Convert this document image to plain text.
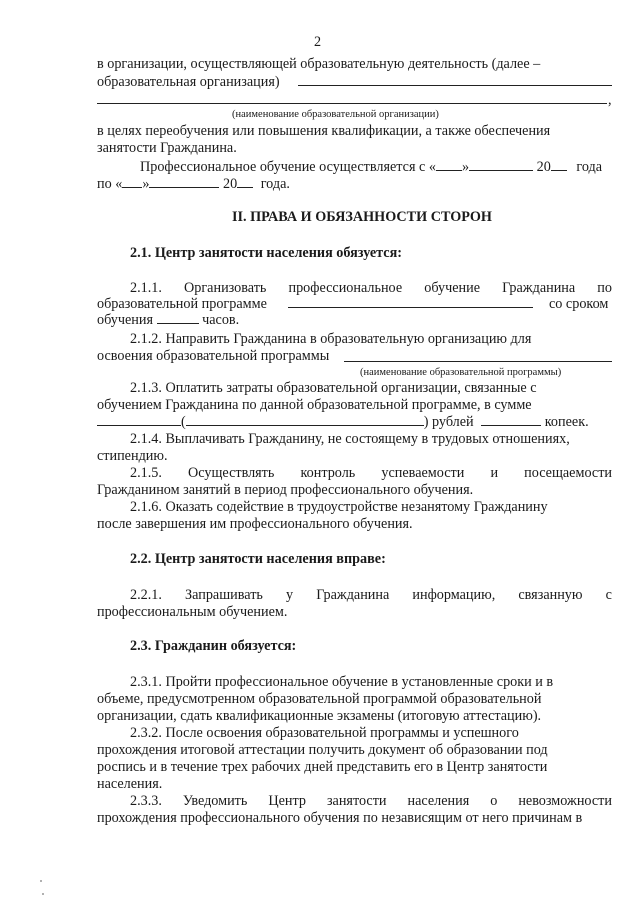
2
в организации, осуществляющей образовательную деятельность (далее –
образовательная организация)
,
(наименование образовательной организации)
в целях переобучения или повышения квалификации, а также обеспечения
занятости Гражданина.
Профессиональное обучение осуществляется с « »	20 года
по « »	20 года.
II. ПРАВА И ОБЯЗАННОСТИ СТОРОН
2.1. Центр занятости населения обязуется:
2.1.1. Организовать профессиональное обучение Гражданина по
образовательной программе	со сроком
обучения	часов.
2.1.2. Направить Гражданина в образовательную организацию для
освоения образовательной программы
(наименование образовательной программы)
2.1.3. Оплатить затраты образовательной организации, связанные с
обучением Гражданина по данной образовательной программе, в сумме
(	) рублей	копеек.
2.1.4. Выплачивать Гражданину, не состоящему в трудовых отношениях,
стипендию.
2.1.5. Осуществлять контроль успеваемости и посещаемости
Гражданином занятий в период профессионального обучения.
2.1.6. Оказать содействие в трудоустройстве незанятому Гражданину
после завершения им профессионального обучения.
2.2. Центр занятости населения вправе:
2.2.1. Запрашивать у Гражданина информацию, связанную с
профессиональным обучением.
2.3. Гражданин обязуется:
2.3.1. Пройти профессиональное обучение в установленные сроки и в
объеме, предусмотренном образовательной программой образовательной
организации, сдать квалификационные экзамены (итоговую аттестацию).
2.3.2. После освоения образовательной программы и успешного
прохождения итоговой аттестации получить документ об образовании под
роспись и в течение трех рабочих дней представить его в Центр занятости
населения.
2.3.3. Уведомить Центр занятости населения о невозможности
прохождения профессионального обучения по независящим от него причинам в
